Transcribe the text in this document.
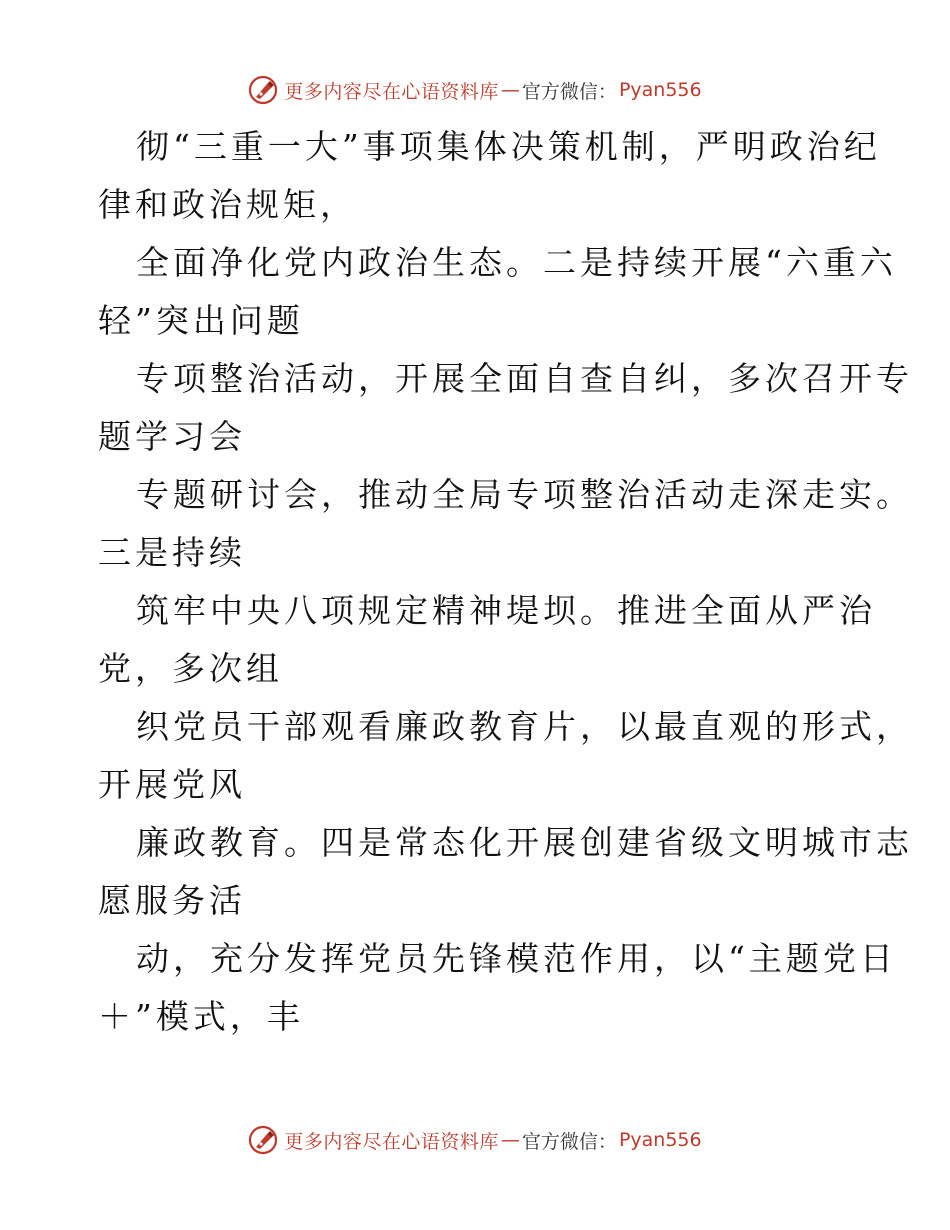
更多内容尽在心语资料库 — 官方微信： Pyan556
彻“三重一大”事项集体决策机制，严明政治纪
律和政治规矩，
全面净化党内政治生态。二是持续开展“六重六
轻”突出问题
专项整治活动，开展全面自查自纠，多次召开专
题学习会
专题研讨会，推动全局专项整治活动走深走实。
三是持续
筑牢中央八项规定精神堤坝。推进全面从严治
党，多次组
织党员干部观看廉政教育片，以最直观的形式，
开展党风
廉政教育。四是常态化开展创建省级文明城市志
愿服务活
动，充分发挥党员先锋模范作用，以“主题党日
＋”模式，丰
更多内容尽在心语资料库 — 官方微信： Pyan556
